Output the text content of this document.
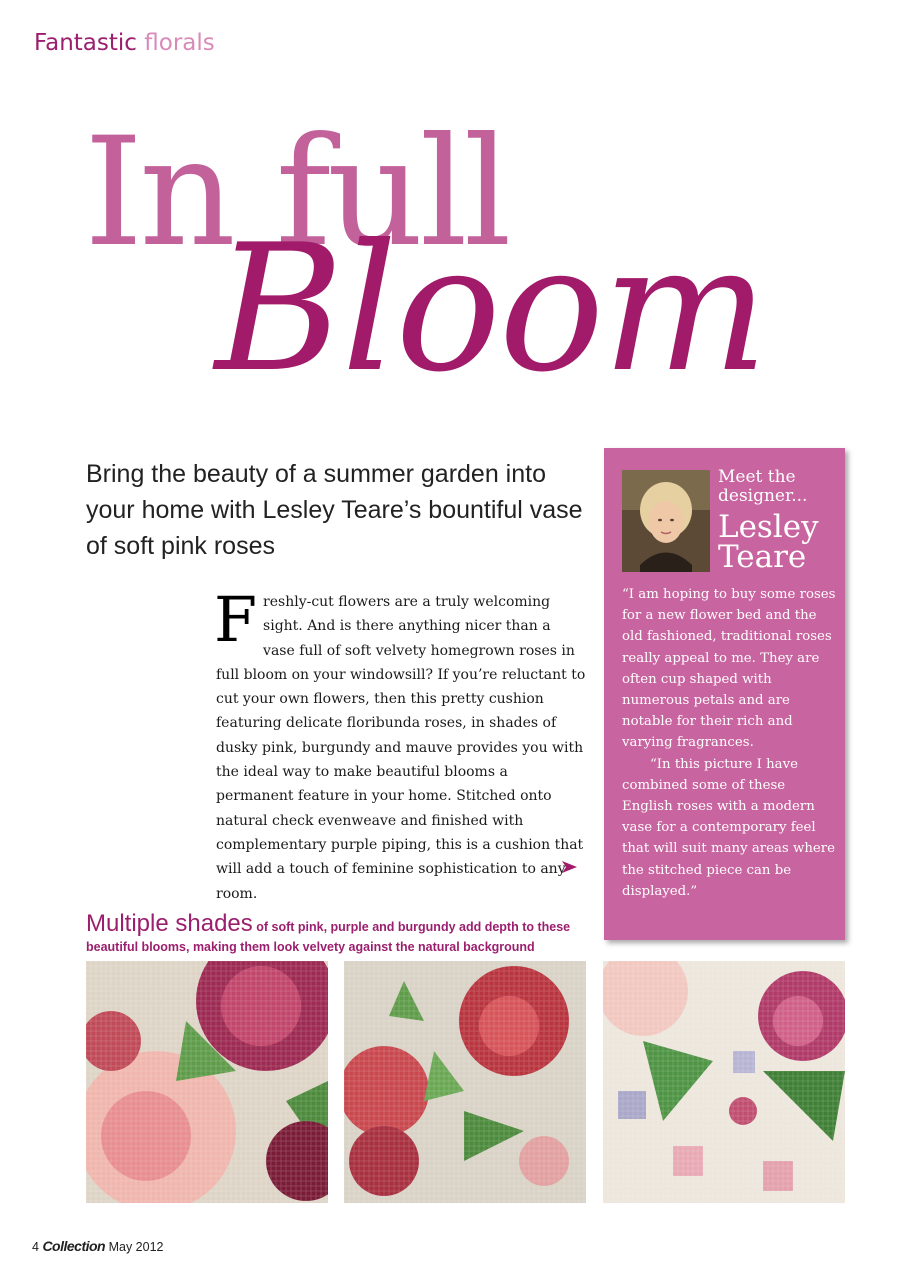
Fantastic florals
In full
Bloom
Bring the beauty of a summer garden into your home with Lesley Teare’s bountiful vase of soft pink roses
Freshly-cut flowers are a truly welcoming sight. And is there anything nicer than a vase full of soft velvety homegrown roses in full bloom on your windowsill? If you’re reluctant to cut your own flowers, then this pretty cushion featuring delicate floribunda roses, in shades of dusky pink, burgundy and mauve provides you with the ideal way to make beautiful blooms a permanent feature in your home. Stitched onto natural check evenweave and finished with complementary purple piping, this is a cushion that will add a touch of feminine sophistication to any room.
Meet the designer...
Lesley Teare

“I am hoping to buy some roses for a new flower bed and the old fashioned, traditional roses really appeal to me. They are often cup shaped with numerous petals and are notable for their rich and varying fragrances.

“In this picture I have combined some of these English roses with a modern vase for a contemporary feel that will suit many areas where the stitched piece can be displayed.”

Multiple shades of soft pink, purple and burgundy add depth to these beautiful blooms, making them look velvety against the natural background
4 Collection May 2012
